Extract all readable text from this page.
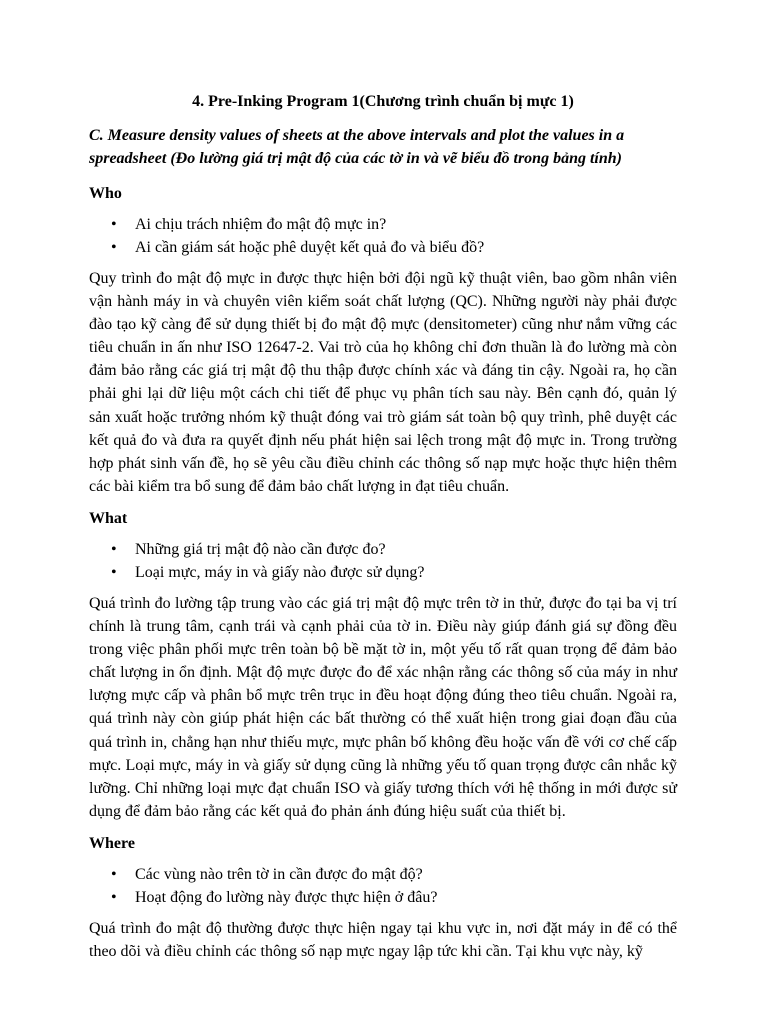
4. Pre-Inking Program 1(Chương trình chuẩn bị mực 1)
C. Measure density values of sheets at the above intervals and plot the values in a spreadsheet (Đo lường giá trị mật độ của các tờ in và vẽ biểu đồ trong bảng tính)
Who
• Ai chịu trách nhiệm đo mật độ mực in?
• Ai cần giám sát hoặc phê duyệt kết quả đo và biểu đồ?
Quy trình đo mật độ mực in được thực hiện bởi đội ngũ kỹ thuật viên, bao gồm nhân viên vận hành máy in và chuyên viên kiểm soát chất lượng (QC). Những người này phải được đào tạo kỹ càng để sử dụng thiết bị đo mật độ mực (densitometer) cũng như nắm vững các tiêu chuẩn in ấn như ISO 12647-2. Vai trò của họ không chỉ đơn thuần là đo lường mà còn đảm bảo rằng các giá trị mật độ thu thập được chính xác và đáng tin cậy. Ngoài ra, họ cần phải ghi lại dữ liệu một cách chi tiết để phục vụ phân tích sau này. Bên cạnh đó, quản lý sản xuất hoặc trưởng nhóm kỹ thuật đóng vai trò giám sát toàn bộ quy trình, phê duyệt các kết quả đo và đưa ra quyết định nếu phát hiện sai lệch trong mật độ mực in. Trong trường hợp phát sinh vấn đề, họ sẽ yêu cầu điều chỉnh các thông số nạp mực hoặc thực hiện thêm các bài kiểm tra bổ sung để đảm bảo chất lượng in đạt tiêu chuẩn.
What
• Những giá trị mật độ nào cần được đo?
• Loại mực, máy in và giấy nào được sử dụng?
Quá trình đo lường tập trung vào các giá trị mật độ mực trên tờ in thử, được đo tại ba vị trí chính là trung tâm, cạnh trái và cạnh phải của tờ in. Điều này giúp đánh giá sự đồng đều trong việc phân phối mực trên toàn bộ bề mặt tờ in, một yếu tố rất quan trọng để đảm bảo chất lượng in ổn định. Mật độ mực được đo để xác nhận rằng các thông số của máy in như lượng mực cấp và phân bổ mực trên trục in đều hoạt động đúng theo tiêu chuẩn. Ngoài ra, quá trình này còn giúp phát hiện các bất thường có thể xuất hiện trong giai đoạn đầu của quá trình in, chẳng hạn như thiếu mực, mực phân bố không đều hoặc vấn đề với cơ chế cấp mực. Loại mực, máy in và giấy sử dụng cũng là những yếu tố quan trọng được cân nhắc kỹ lưỡng. Chỉ những loại mực đạt chuẩn ISO và giấy tương thích với hệ thống in mới được sử dụng để đảm bảo rằng các kết quả đo phản ánh đúng hiệu suất của thiết bị.
Where
• Các vùng nào trên tờ in cần được đo mật độ?
• Hoạt động đo lường này được thực hiện ở đâu?
Quá trình đo mật độ thường được thực hiện ngay tại khu vực in, nơi đặt máy in để có thể theo dõi và điều chỉnh các thông số nạp mực ngay lập tức khi cần. Tại khu vực này, kỹ
